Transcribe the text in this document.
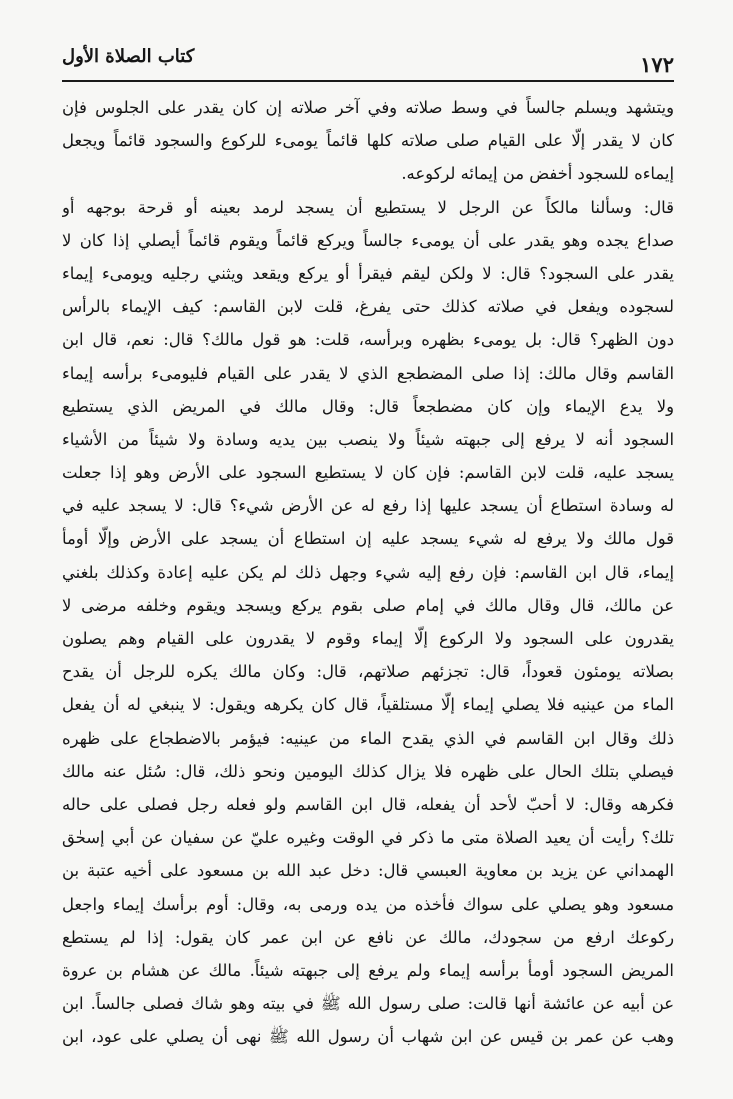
١٧٢
كتاب الصلاة الأول
ويتشهد ويسلم جالساً في وسط صلاته وفي آخر صلاته إن كان يقدر على الجلوس فإن
كان لا يقدر إلّا على القيام صلى صلاته كلها قائماً يومىء للركوع والسجود قائماً ويجعل
إيماءه للسجود أخفض من إيمائه لركوعه.
قال: وسألنا مالكاً عن الرجل لا يستطيع أن يسجد لرمد بعينه أو قرحة بوجهه أو
صداع يجده وهو يقدر على أن يومىء جالساً ويركع قائماً ويقوم قائماً أيصلي إذا كان لا
يقدر على السجود؟ قال: لا ولكن ليقم فيقرأ أو يركع ويقعد ويثني رجليه ويومىء إيماء
لسجوده ويفعل في صلاته كذلك حتى يفرغ، قلت لابن القاسم: كيف الإيماء بالرأس
دون الظهر؟ قال: بل يومىء بظهره وبرأسه، قلت: هو قول مالك؟ قال: نعم، قال ابن
القاسم وقال مالك: إذا صلى المضطجع الذي لا يقدر على القيام فليومىء برأسه إيماء
ولا يدع الإيماء وإن كان مضطجعاً قال: وقال مالك في المريض الذي يستطيع
السجود أنه لا يرفع إلى جبهته شيئاً ولا ينصب بين يديه وسادة ولا شيئاً من الأشياء
يسجد عليه، قلت لابن القاسم: فإن كان لا يستطيع السجود على الأرض وهو إذا جعلت
له وسادة استطاع أن يسجد عليها إذا رفع له عن الأرض شيء؟ قال: لا يسجد عليه في
قول مالك ولا يرفع له شيء يسجد عليه إن استطاع أن يسجد على الأرض وإلّا أومأ
إيماء، قال ابن القاسم: فإن رفع إليه شيء وجهل ذلك لم يكن عليه إعادة وكذلك بلغني
عن مالك، قال وقال مالك في إمام صلى بقوم يركع ويسجد ويقوم وخلفه مرضى لا
يقدرون على السجود ولا الركوع إلّا إيماء وقوم لا يقدرون على القيام وهم يصلون
بصلاته يومئون قعوداً، قال: تجزئهم صلاتهم، قال: وكان مالك يكره للرجل أن يقدح
الماء من عينيه فلا يصلي إيماء إلّا مستلقياً، قال كان يكرهه ويقول: لا ينبغي له أن يفعل
ذلك وقال ابن القاسم في الذي يقدح الماء من عينيه: فيؤمر بالاضطجاع على ظهره
فيصلي بتلك الحال على ظهره فلا يزال كذلك اليومين ونحو ذلك، قال: سُئل عنه مالك
فكرهه وقال: لا أحبّ لأحد أن يفعله، قال ابن القاسم ولو فعله رجل فصلى على حاله
تلك؟ رأيت أن يعيد الصلاة متى ما ذكر في الوقت وغيره عليّ عن سفيان عن أبي إسحٰق
الهمداني عن يزيد بن معاوية العبسي قال: دخل عبد الله بن مسعود على أخيه عتبة بن
مسعود وهو يصلي على سواك فأخذه من يده ورمى به، وقال: أوم برأسك إيماء واجعل
ركوعك ارفع من سجودك، مالك عن نافع عن ابن عمر كان يقول: إذا لم يستطع
المريض السجود أومأ برأسه إيماء ولم يرفع إلى جبهته شيئاً. مالك عن هشام بن عروة
عن أبيه عن عائشة أنها قالت: صلى رسول الله ﷺ في بيته وهو شاك فصلى جالساً. ابن
وهب عن عمر بن قيس عن ابن شهاب أن رسول الله ﷺ نهى أن يصلي على عود، ابن
